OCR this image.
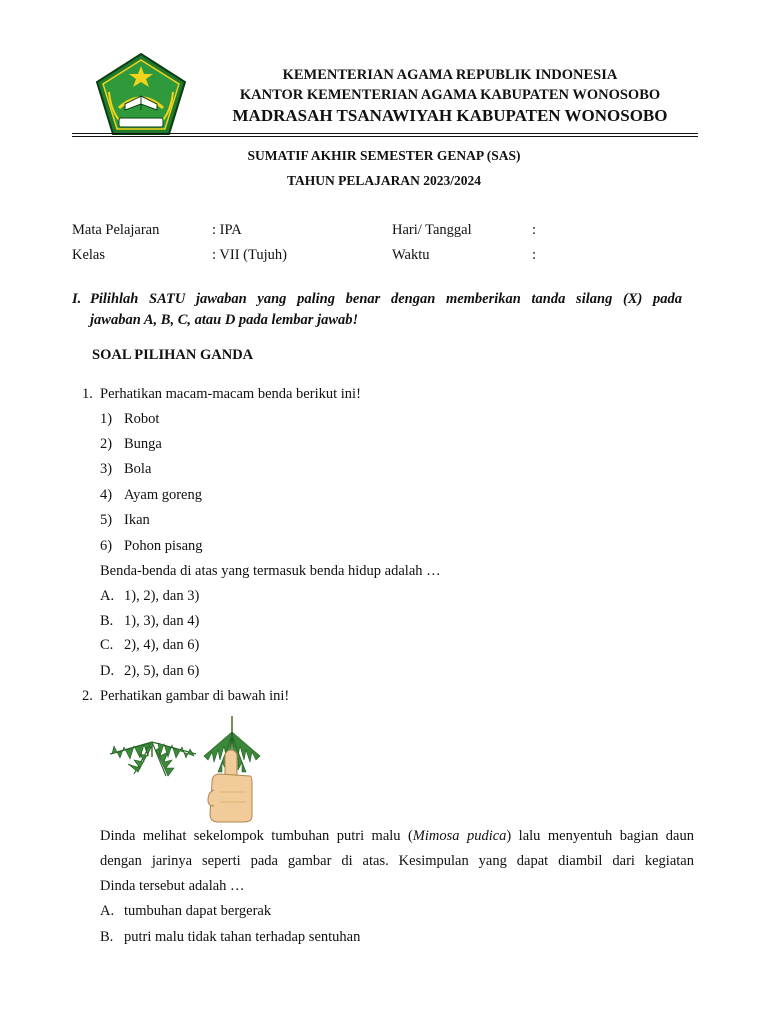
KEMENTERIAN AGAMA REPUBLIK INDONESIA
KANTOR KEMENTERIAN AGAMA KABUPATEN WONOSOBO
MADRASAH TSANAWIYAH KABUPATEN WONOSOBO
SUMATIF AKHIR SEMESTER GENAP (SAS)
TAHUN PELAJARAN 2023/2024
Mata Pelajaran	: IPA	Hari/ Tanggal	:
Kelas	: VII (Tujuh)	Waktu	:
I. Pilihlah SATU jawaban yang paling benar dengan memberikan tanda silang (X) pada
jawaban A, B, C, atau D pada lembar jawab!
SOAL PILIHAN GANDA
1. Perhatikan macam-macam benda berikut ini!
1) Robot
2) Bunga
3) Bola
4) Ayam goreng
5) Ikan
6) Pohon pisang
Benda-benda di atas yang termasuk benda hidup adalah …
A. 1), 2), dan 3)
B. 1), 3), dan 4)
C. 2), 4), dan 6)
D. 2), 5), dan 6)
2. Perhatikan gambar di bawah ini!
Dinda melihat sekelompok tumbuhan putri malu (Mimosa pudica) lalu menyentuh bagian daun
dengan jarinya seperti pada gambar di atas. Kesimpulan yang dapat diambil dari kegiatan
Dinda tersebut adalah …
A. tumbuhan dapat bergerak
B. putri malu tidak tahan terhadap sentuhan
